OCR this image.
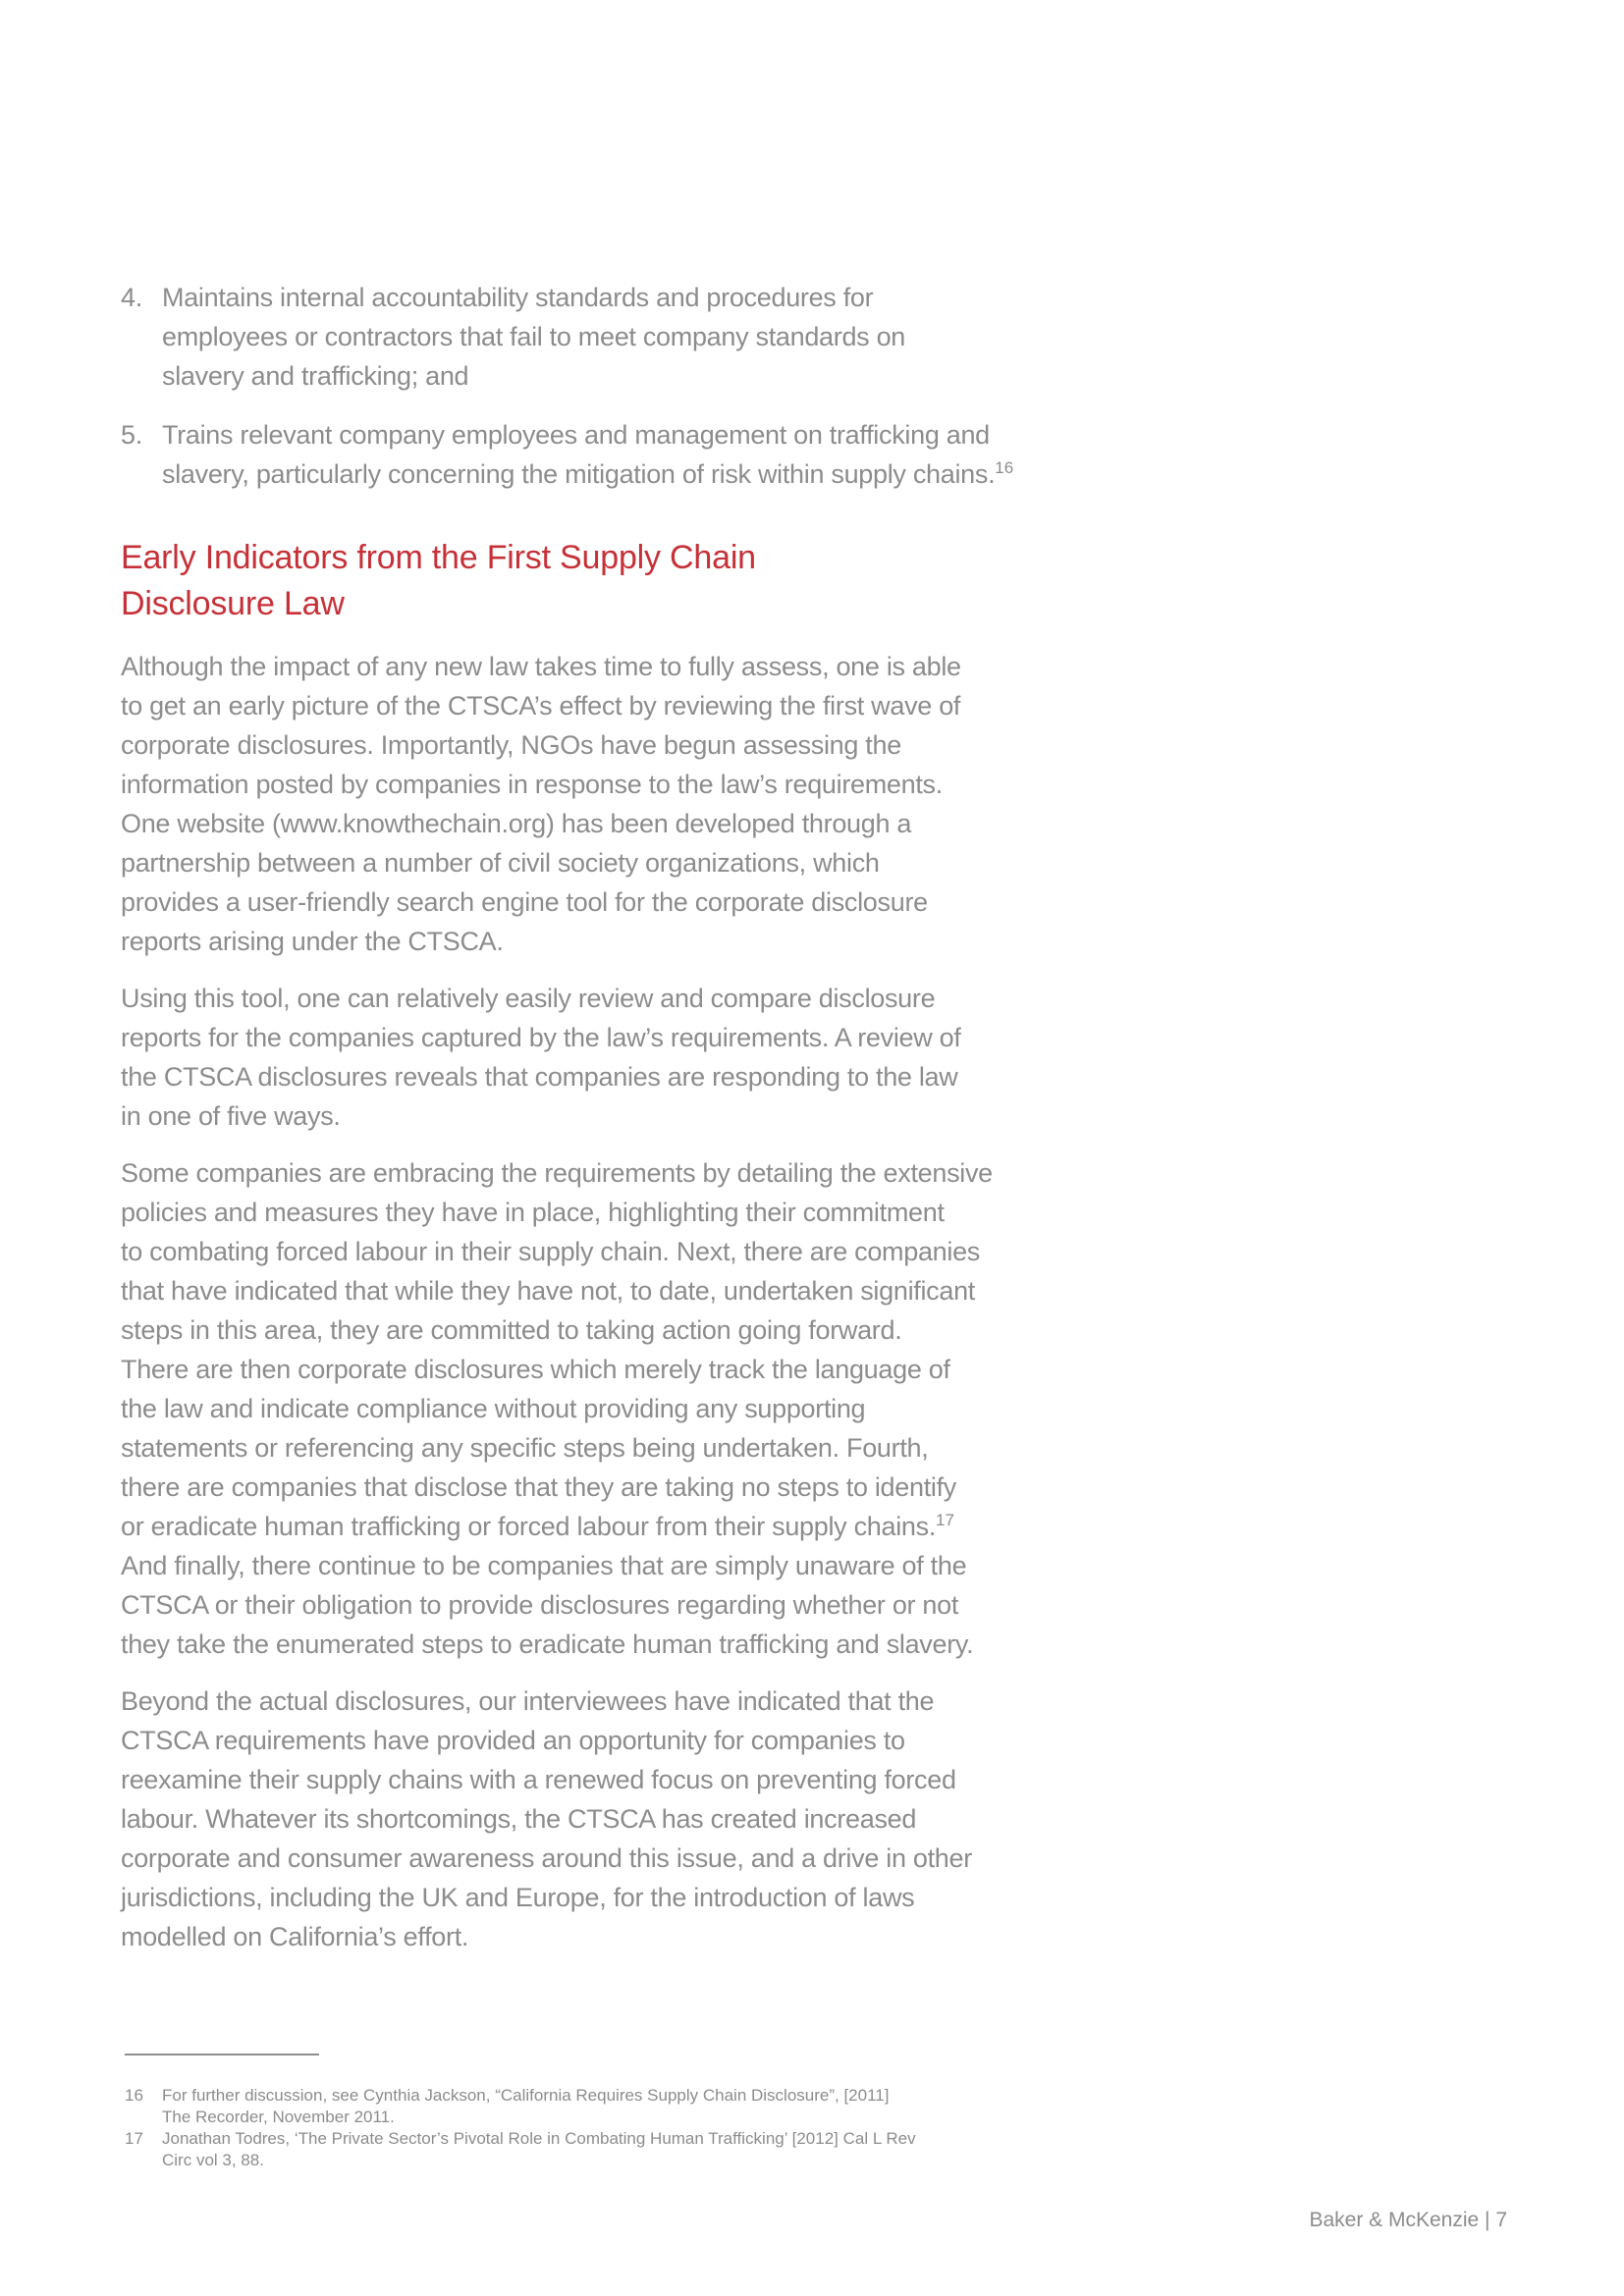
4. Maintains internal accountability standards and procedures for
employees or contractors that fail to meet company standards on
slavery and trafficking; and
5. Trains relevant company employees and management on trafficking and
slavery, particularly concerning the mitigation of risk within supply chains.$^{16}$
Early Indicators from the First Supply Chain
Disclosure Law
Although the impact of any new law takes time to fully assess, one is able
to get an early picture of the CTSCA’s effect by reviewing the first wave of
corporate disclosures. Importantly, NGOs have begun assessing the
information posted by companies in response to the law’s requirements.
One website (www.knowthechain.org) has been developed through a
partnership between a number of civil society organizations, which
provides a user-friendly search engine tool for the corporate disclosure
reports arising under the CTSCA.
Using this tool, one can relatively easily review and compare disclosure
reports for the companies captured by the law’s requirements. A review of
the CTSCA disclosures reveals that companies are responding to the law
in one of five ways.
Some companies are embracing the requirements by detailing the extensive
policies and measures they have in place, highlighting their commitment
to combating forced labour in their supply chain. Next, there are companies
that have indicated that while they have not, to date, undertaken significant
steps in this area, they are committed to taking action going forward.
There are then corporate disclosures which merely track the language of
the law and indicate compliance without providing any supporting
statements or referencing any specific steps being undertaken. Fourth,
there are companies that disclose that they are taking no steps to identify
or eradicate human trafficking or forced labour from their supply chains.$^{17}$
And finally, there continue to be companies that are simply unaware of the
CTSCA or their obligation to provide disclosures regarding whether or not
they take the enumerated steps to eradicate human trafficking and slavery.
Beyond the actual disclosures, our interviewees have indicated that the
CTSCA requirements have provided an opportunity for companies to
reexamine their supply chains with a renewed focus on preventing forced
labour. Whatever its shortcomings, the CTSCA has created increased
corporate and consumer awareness around this issue, and a drive in other
jurisdictions, including the UK and Europe, for the introduction of laws
modelled on California’s effort.
16	For further discussion, see Cynthia Jackson, “California Requires Supply Chain Disclosure”, [2011]
The Recorder, November 2011.
17	Jonathan Todres, ‘The Private Sector’s Pivotal Role in Combating Human Trafficking’ [2012] Cal L Rev
Circ vol 3, 88.
Baker & McKenzie | 7
